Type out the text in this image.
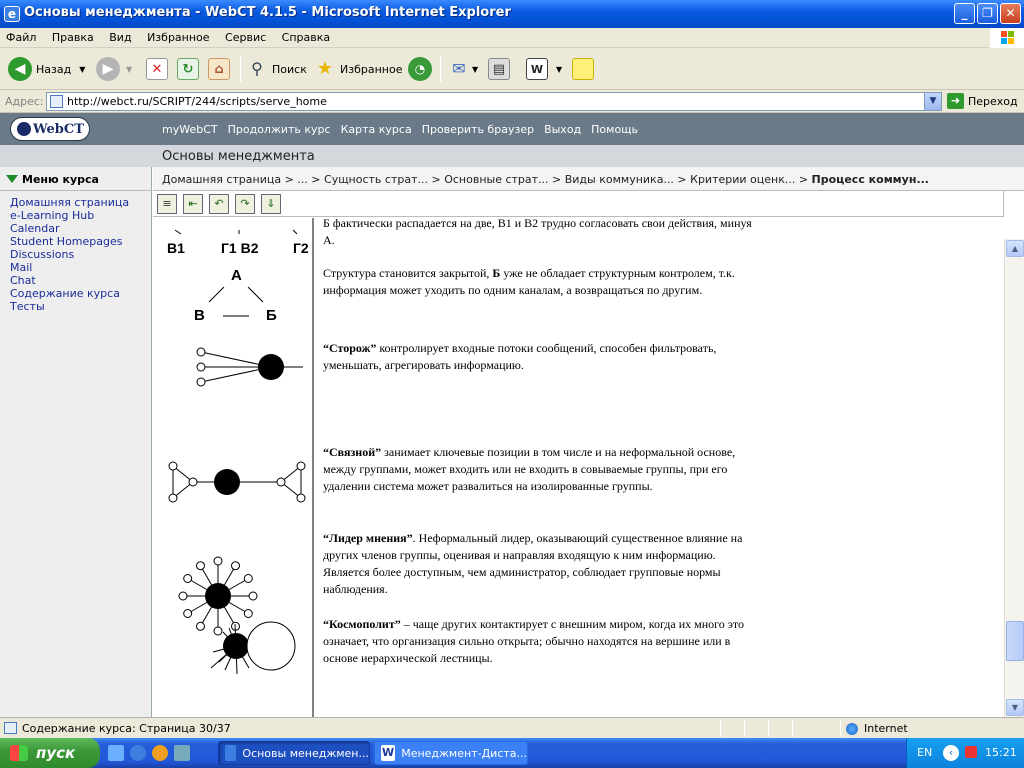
e Основы менеджмента - WebCT 4.1.5 - Microsoft Internet Explorer	_	❐	✕
Файл Правка Вид Избранное Сервис Справка
◀ Назад ▼	▶	▼	✕	↻	⌂	⚲ Поиск ★ Избранное	◔	✉ ▼	▤	W	▼
Адрес: http://webct.ru/SCRIPT/244/scripts/serve_home	▼	➜ Переход
WebCT	myWebCT Продолжить курс Карта курса Проверить браузер Выход Помощь
Основы менеджмента
Меню курса
Домашняя страница
e-Learning Hub
Calendar
Student Homepages
Discussions
Mail
Chat
Содержание курса
Тесты
Домашняя страница > ... > Сущность страт... > Основные страт... > Виды коммуника... > Критерии оценк... > Процесс коммун...
≡	⇤	↶	↷	⇓
В1	Г1 В2 Г2
А
В	Б
Б фактически распадается на две, В1 и В2 трудно согласовать свои действия, минуя А.
Структура становится закрытой, Б уже не обладает структурным контролем, т.к. информация может уходить по одним каналам, а возвращаться по другим.
“Сторож” контролирует входные потоки сообщений, способен фильтровать, уменьшать, агрегировать информацию.
“Связной” занимает ключевые позиции в том числе и на неформальной основе, между группами, может входить или не входить в совываемые группы, при его удалении система может развалиться на изолированные группы.
“Лидер мнения”. Неформальный лидер, оказывающий существенное влияние на других членов группы, оценивая и направляя входящую к ним информацию. Является более доступным, чем администратор, соблюдает групповые нормы наблюдения.
“Космополит” – чаще других контактирует с внешним миром, когда их много это означает, что организация сильно открыта; обычно находятся на вершине или в основе иерархической лестницы.
▲
▼
Содержание курса: Страница 30/37	Internet
пуск	Основы менеджмен... W Менеджмент-Диста...	EN	‹	15:21
